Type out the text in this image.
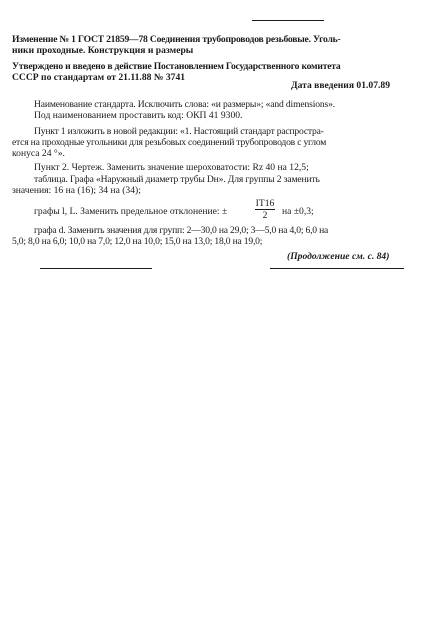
Изменение № 1 ГОСТ 21859—78 Соединения трубопроводов резьбовые. Уголь-
ники проходные. Конструкция и размеры
Утверждено и введено в действие Постановлением Государственного комитета
СССР по стандартам от 21.11.88 № 3741
Дата введения 01.07.89
Наименование стандарта. Исключить слова: «и размеры»; «and dimensions».
Под наименованием проставить код: ОКП 41 9300.
Пункт 1 изложить в новой редакции: «1. Настоящий стандарт распростра-
ется на проходные угольники для резьбовых соединений трубопроводов с углом
конуса 24 °».
Пункт 2. Чертеж. Заменить значение шероховатости: Rz 40 на 12,5;
таблица. Графа «Наружный диаметр трубы Dн». Для группы 2 заменить
значения: 16 на (16); 34 на (34);
графы l, L. Заменить предельное отклонение: ±
IT16
2	на ±0,3;
графа d. Заменить значения для групп: 2—30,0 на 29,0; 3—5,0 на 4,0; 6,0 на
5,0; 8,0 на 6,0; 10,0 на 7,0; 12,0 на 10,0; 15,0 на 13,0; 18,0 на 19,0;
(Продолжение см. с. 84)
